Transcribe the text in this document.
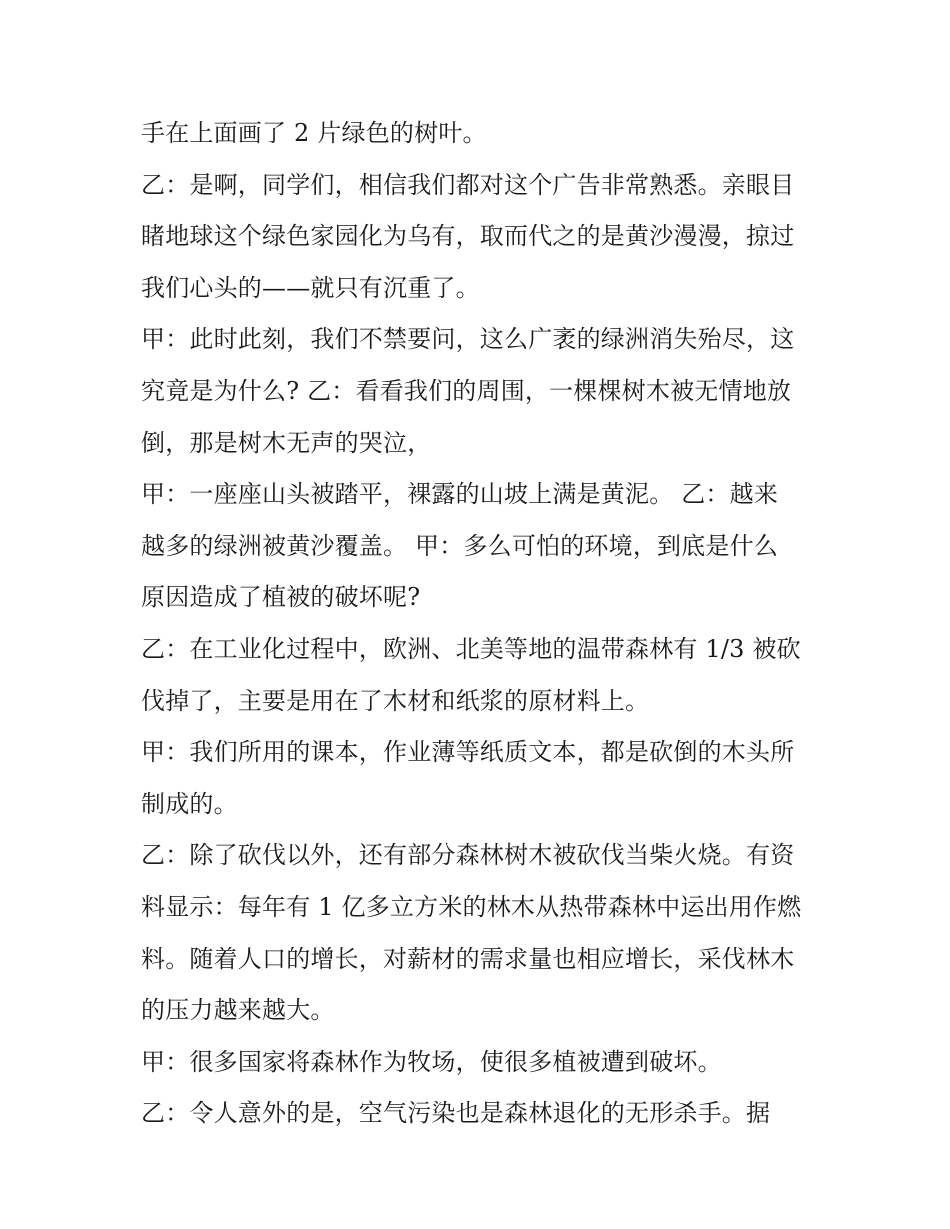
手在上面画了 2 片绿色的树叶。
乙：是啊，同学们，相信我们都对这个广告非常熟悉。亲眼目
睹地球这个绿色家园化为乌有，取而代之的是黄沙漫漫，掠过
我们心头的——就只有沉重了。
甲：此时此刻，我们不禁要问，这么广袤的绿洲消失殆尽，这
究竟是为什么? 乙：看看我们的周围，一棵棵树木被无情地放
倒，那是树木无声的哭泣，
甲：一座座山头被踏平，裸露的山坡上满是黄泥。 乙：越来
越多的绿洲被黄沙覆盖。 甲：多么可怕的环境，到底是什么
原因造成了植被的破坏呢?
乙：在工业化过程中，欧洲、北美等地的温带森林有 1/3 被砍
伐掉了，主要是用在了木材和纸浆的原材料上。
甲：我们所用的课本，作业薄等纸质文本，都是砍倒的木头所
制成的。
乙：除了砍伐以外，还有部分森林树木被砍伐当柴火烧。有资
料显示：每年有 1 亿多立方米的林木从热带森林中运出用作燃
料。随着人口的增长，对薪材的需求量也相应增长，采伐林木
的压力越来越大。
甲：很多国家将森林作为牧场，使很多植被遭到破坏。
乙：令人意外的是，空气污染也是森林退化的无形杀手。据
